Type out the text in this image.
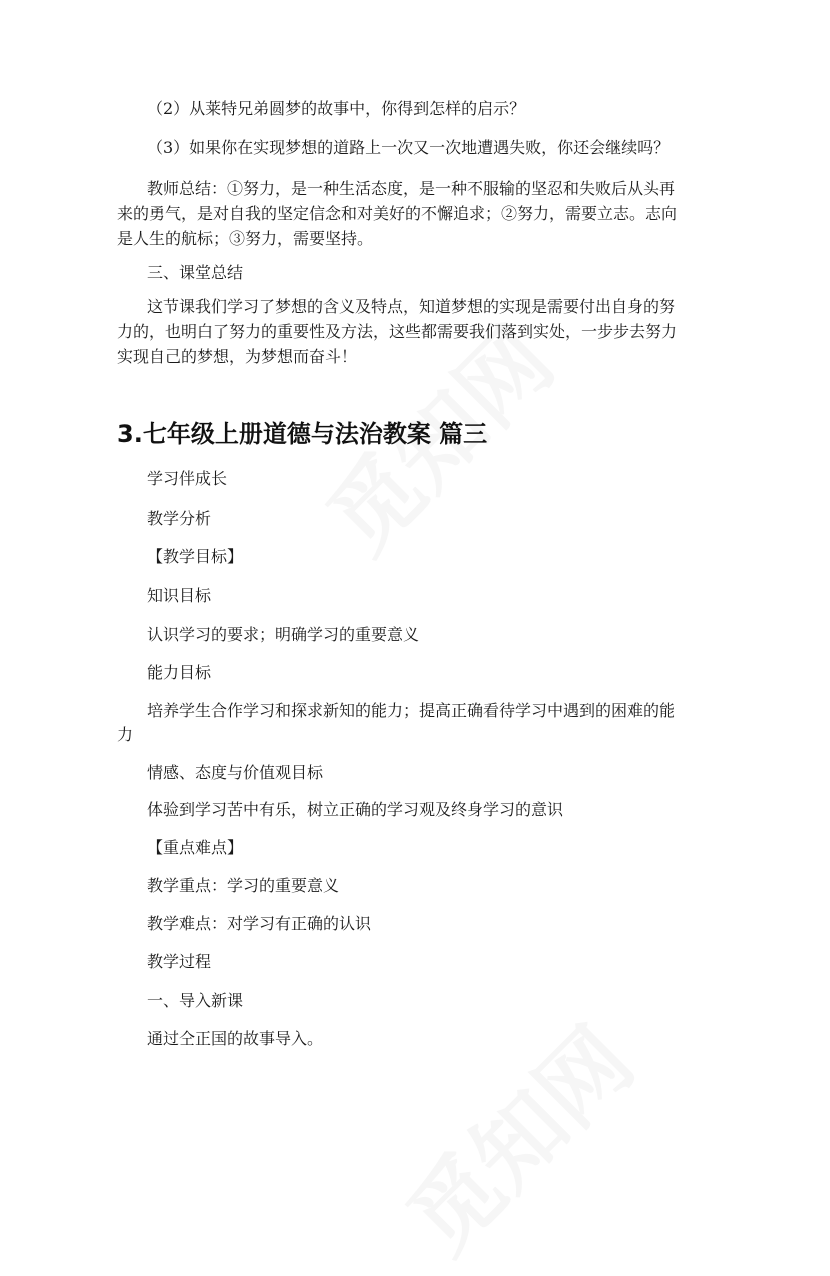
（2）从莱特兄弟圆梦的故事中，你得到怎样的启示？
（3）如果你在实现梦想的道路上一次又一次地遭遇失败，你还会继续吗？
教师总结：①努力，是一种生活态度，是一种不服输的坚忍和失败后从头再
来的勇气，是对自我的坚定信念和对美好的不懈追求；②努力，需要立志。志向
是人生的航标；③努力，需要坚持。
三、课堂总结
这节课我们学习了梦想的含义及特点，知道梦想的实现是需要付出自身的努
力的，也明白了努力的重要性及方法，这些都需要我们落到实处，一步步去努力
实现自己的梦想，为梦想而奋斗！
3.七年级上册道德与法治教案 篇三
学习伴成长
教学分析
【教学目标】
知识目标
认识学习的要求；明确学习的重要意义
能力目标
培养学生合作学习和探求新知的能力；提高正确看待学习中遇到的困难的能
力
情感、态度与价值观目标
体验到学习苦中有乐，树立正确的学习观及终身学习的意识
【重点难点】
教学重点：学习的重要意义
教学难点：对学习有正确的认识
教学过程
一、导入新课
通过仝正国的故事导入。
